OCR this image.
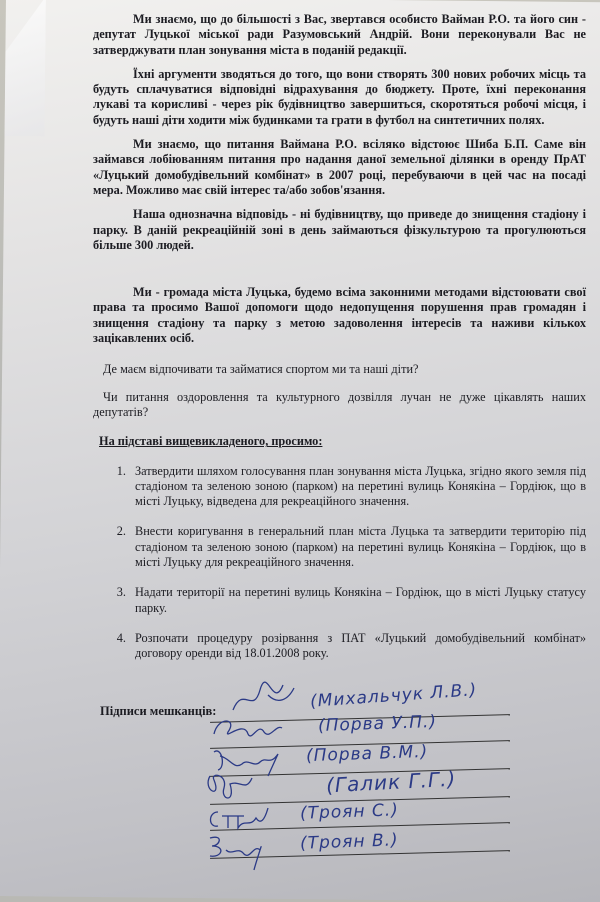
Ми знаємо, що до більшості з Вас, звертався особисто Вайман Р.О. та його син - депутат Луцької міської ради Разумовський Андрій. Вони переконували Вас не затверджувати план зонування міста в поданій редакції.

Їхні аргументи зводяться до того, що вони створять 300 нових робочих місць та будуть сплачуватися відповідні відрахування до бюджету. Проте, їхні переконання лукаві та корисливі - через рік будівництво завершиться, скоротяться робочі місця, і будуть наші діти ходити між будинками та грати в футбол на синтетичних полях.

Ми знаємо, що питання Ваймана Р.О. всіляко відстоює Шиба Б.П. Саме він займався лобіюванням питання про надання даної земельної ділянки в оренду ПрАТ «Луцький домобудівельний комбінат» в 2007 році, перебуваючи в цей час на посаді мера. Можливо має свій інтерес та/або зобов'язання.

Наша однозначна відповідь - ні будівництву, що приведе до знищення стадіону і парку. В даній рекреаційній зоні в день займаються фізкультурою та прогулюються більше 300 людей.

Ми - громада міста Луцька, будемо всіма законними методами відстоювати свої права та просимо Вашої допомоги щодо недопущення порушення прав громадян і знищення стадіону та парку з метою задоволення інтересів та наживи кількох зацікавлених осіб.

Де маєм відпочивати та займатися спортом ми та наші діти?

Чи питання оздоровлення та культурного дозвілля лучан не дуже цікавлять наших депутатів?

На підставі вищевикладеного, просимо:

1. Затвердити шляхом голосування план зонування міста Луцька, згідно якого земля під стадіоном та зеленою зоною (парком) на перетині вулиць Конякіна – Гордіюк, що в місті Луцьку, відведена для рекреаційного значення.
2. Внести коригування в генеральний план міста Луцька та затвердити територію під стадіоном та зеленою зоною (парком) на перетині вулиць Конякіна – Гордіюк, що в місті Луцьку для рекреаційного значення.
3. Надати території на перетині вулиць Конякіна – Гордіюк, що в місті Луцьку статусу парку.
4. Розпочати процедуру розірвання з ПАТ «Луцький домобудівельний комбінат» договору оренди від 18.01.2008 року.
Підписи мешканців:	(Михальчук Л.В.)
(Порва У.П.)
(Порва В.М.)
(Галик Г.Г.)
(Троян С.)
(Троян В.)
